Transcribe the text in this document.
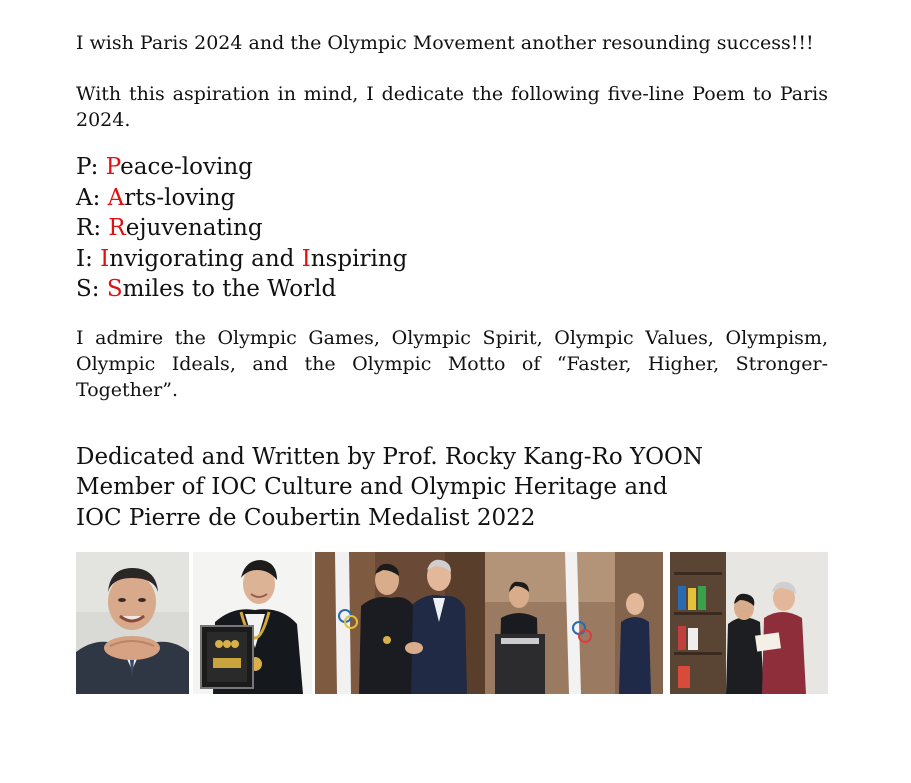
I wish Paris 2024 and the Olympic Movement another resounding success!!!

With this aspiration in mind, I dedicate the following five-line Poem to Paris 2024.

P: Peace-loving
A: Arts-loving
R: Rejuvenating
I: Invigorating and Inspiring
S: Smiles to the World

I admire the Olympic Games, Olympic Spirit, Olympic Values, Olympism, Olympic Ideals, and the Olympic Motto of “Faster, Higher, Stronger-Together”.

Dedicated and Written by Prof. Rocky Kang-Ro YOON
Member of IOC Culture and Olympic Heritage and
IOC Pierre de Coubertin Medalist 2022
